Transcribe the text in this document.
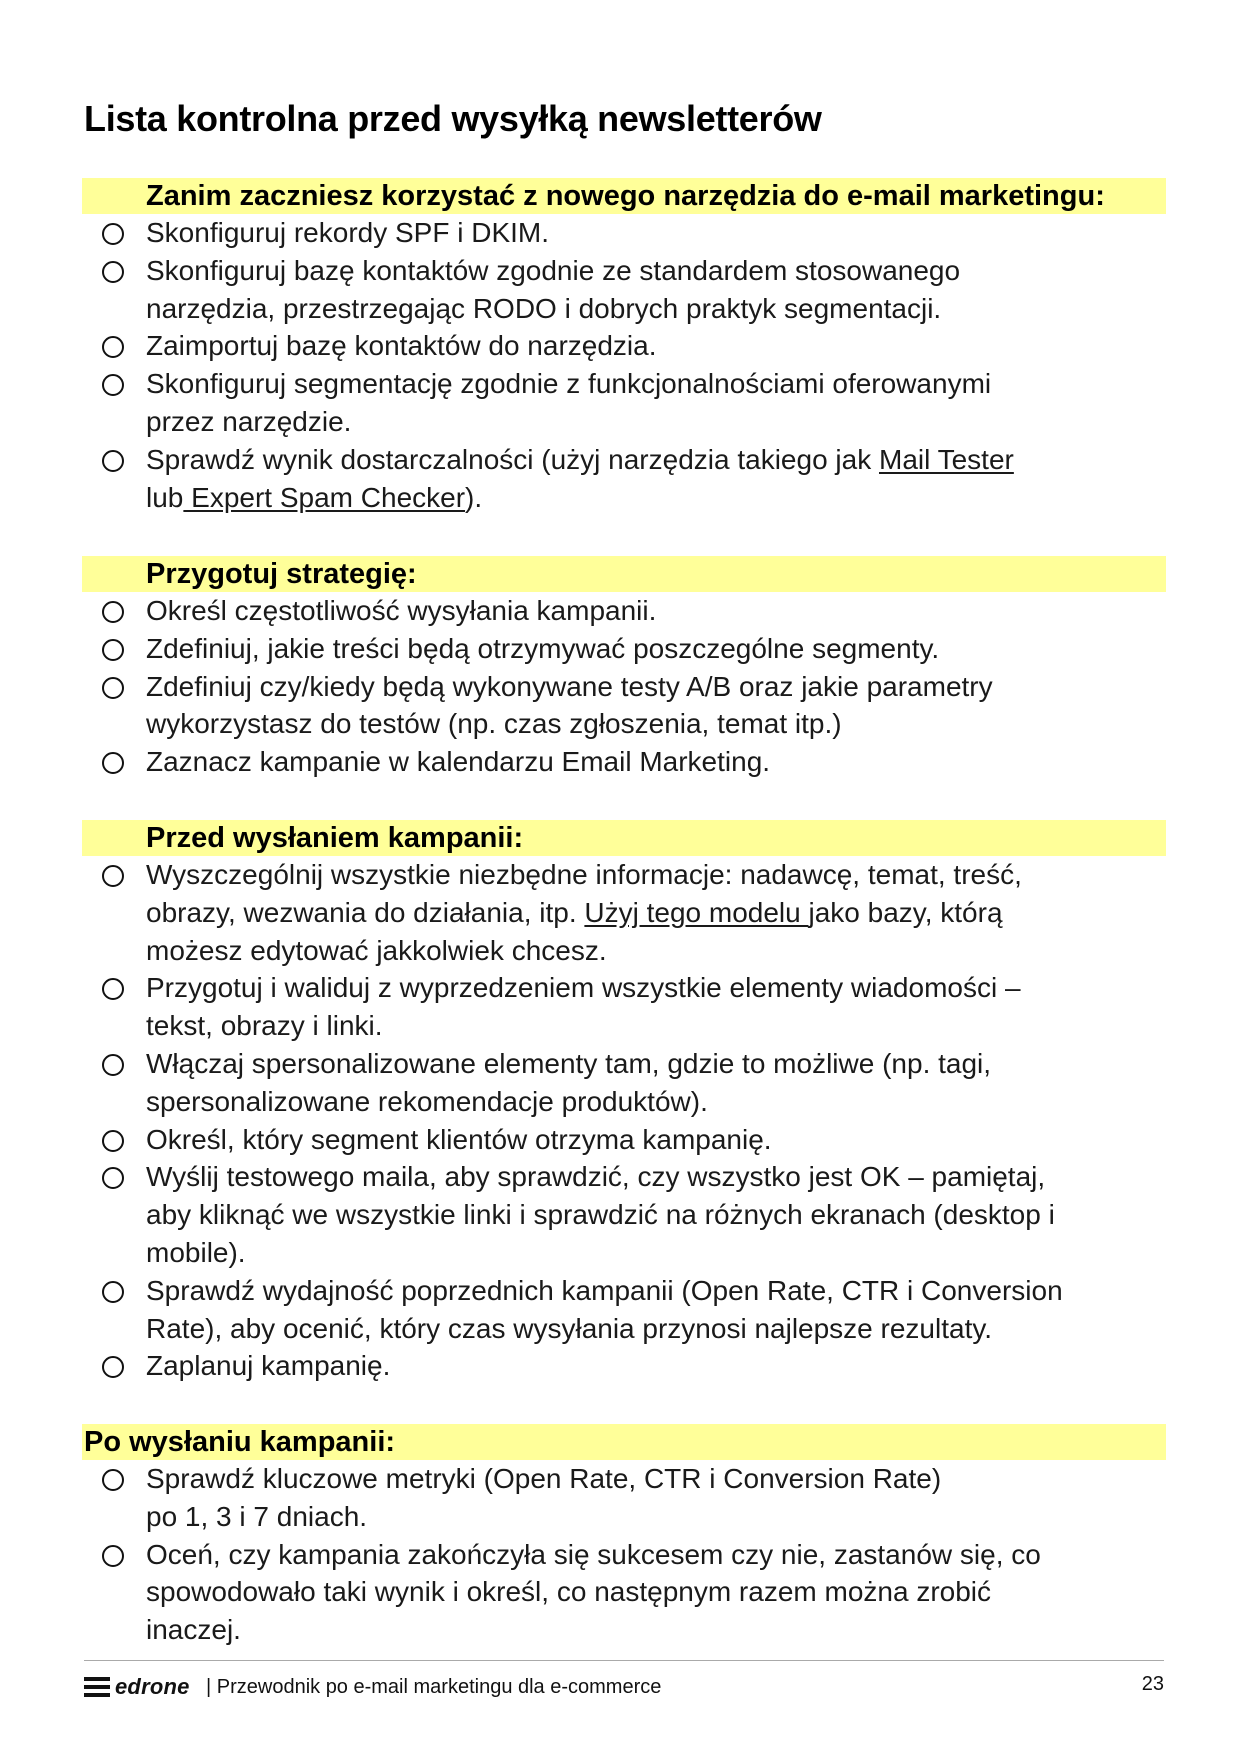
Lista kontrolna przed wysyłką newsletterów
Zanim zaczniesz korzystać z nowego narzędzia do e-mail marketingu:
Skonfiguruj rekordy SPF i DKIM.
Skonfiguruj bazę kontaktów zgodnie ze standardem stosowanego
narzędzia, przestrzegając RODO i dobrych praktyk segmentacji.
Zaimportuj bazę kontaktów do narzędzia.
Skonfiguruj segmentację zgodnie z funkcjonalnościami oferowanymi
przez narzędzie.
Sprawdź wynik dostarczalności (użyj narzędzia takiego jak Mail Tester
lub Expert Spam Checker).
Przygotuj strategię:
Określ częstotliwość wysyłania kampanii.
Zdefiniuj, jakie treści będą otrzymywać poszczególne segmenty.
Zdefiniuj czy/kiedy będą wykonywane testy A/B oraz jakie parametry
wykorzystasz do testów (np. czas zgłoszenia, temat itp.)
Zaznacz kampanie w kalendarzu Email Marketing.
Przed wysłaniem kampanii:
Wyszczególnij wszystkie niezbędne informacje: nadawcę, temat, treść,
obrazy, wezwania do działania, itp. Użyj tego modelu jako bazy, którą
możesz edytować jakkolwiek chcesz.
Przygotuj i waliduj z wyprzedzeniem wszystkie elementy wiadomości –
tekst, obrazy i linki.
Włączaj spersonalizowane elementy tam, gdzie to możliwe (np. tagi,
spersonalizowane rekomendacje produktów).
Określ, który segment klientów otrzyma kampanię.
Wyślij testowego maila, aby sprawdzić, czy wszystko jest OK – pamiętaj,
aby kliknąć we wszystkie linki i sprawdzić na różnych ekranach (desktop i
mobile).
Sprawdź wydajność poprzednich kampanii (Open Rate, CTR i Conversion
Rate), aby ocenić, który czas wysyłania przynosi najlepsze rezultaty.
Zaplanuj kampanię.
Po wysłaniu kampanii:
Sprawdź kluczowe metryki (Open Rate, CTR i Conversion Rate)
po 1, 3 i 7 dniach.
Oceń, czy kampania zakończyła się sukcesem czy nie, zastanów się, co
spowodowało taki wynik i określ, co następnym razem można zrobić
inaczej.
edrone | Przewodnik po e-mail marketingu dla e-commerce	23
